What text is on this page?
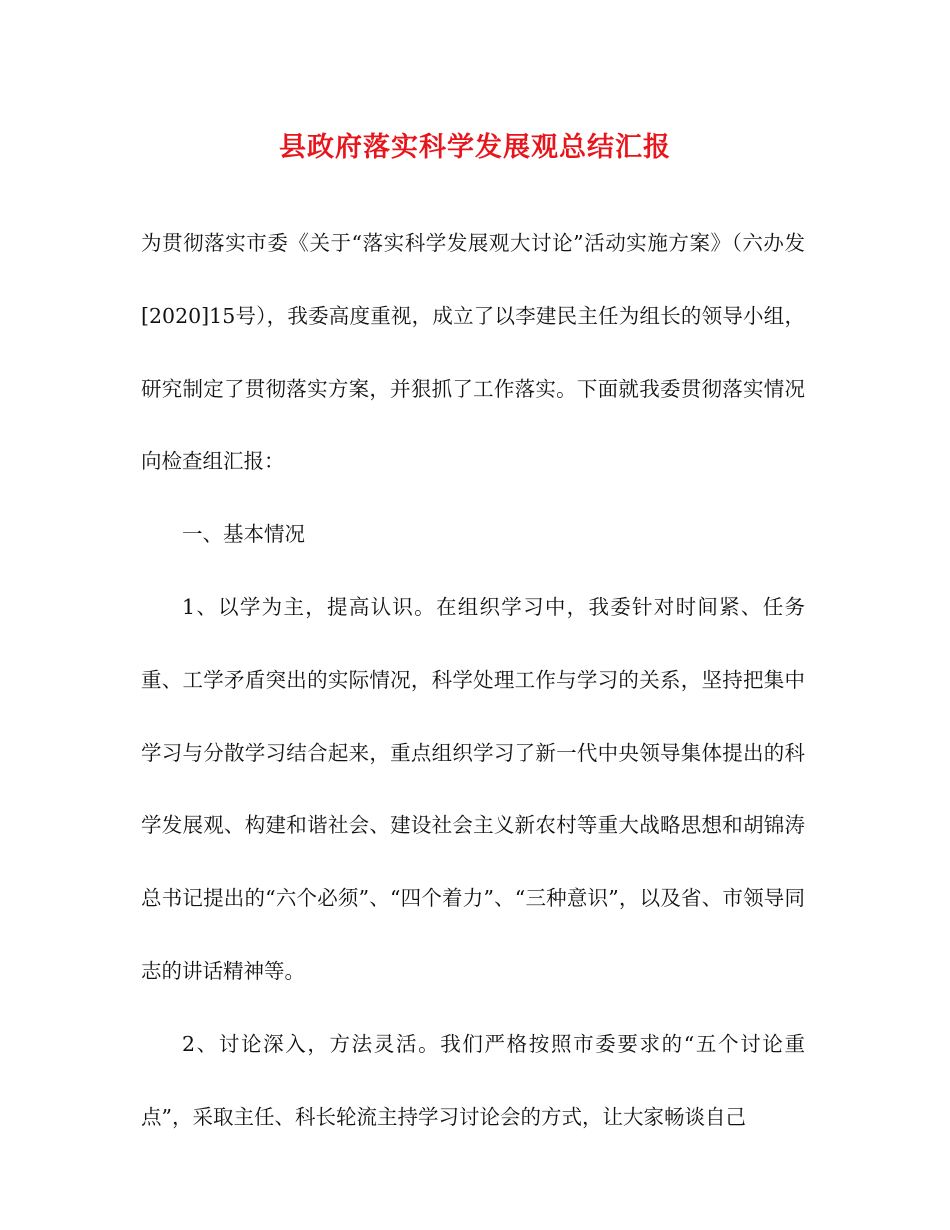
县政府落实科学发展观总结汇报

为贯彻落实市委《关于“落实科学发展观大讨论”活动实施方案》（六办发[2020]15号），我委高度重视，成立了以李建民主任为组长的领导小组，研究制定了贯彻落实方案，并狠抓了工作落实。下面就我委贯彻落实情况向检查组汇报：

一、基本情况

1、以学为主，提高认识。在组织学习中，我委针对时间紧、任务重、工学矛盾突出的实际情况，科学处理工作与学习的关系，坚持把集中学习与分散学习结合起来，重点组织学习了新一代中央领导集体提出的科学发展观、构建和谐社会、建设社会主义新农村等重大战略思想和胡锦涛总书记提出的“六个必须”、“四个着力”、“三种意识”，以及省、市领导同志的讲话精神等。

2、讨论深入，方法灵活。我们严格按照市委要求的“五个讨论重点”，采取主任、科长轮流主持学习讨论会的方式，让大家畅谈自己
